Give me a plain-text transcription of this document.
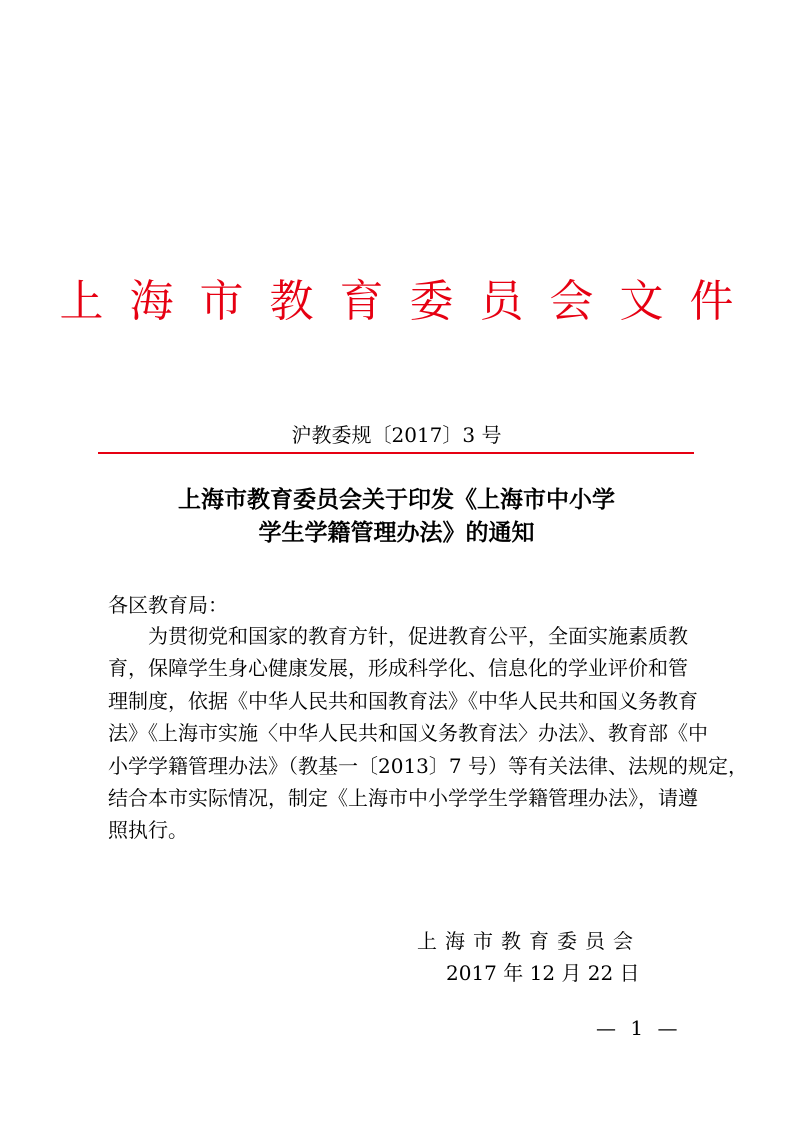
上海市教育委员会文件
沪教委规〔2017〕3 号
上海市教育委员会关于印发《上海市中小学
学生学籍管理办法》的通知
各区教育局：
　　为贯彻党和国家的教育方针，促进教育公平，全面实施素质教
育，保障学生身心健康发展，形成科学化、信息化的学业评价和管
理制度，依据《中华人民共和国教育法》《中华人民共和国义务教育
法》《上海市实施〈中华人民共和国义务教育法〉办法》、教育部《中
小学学籍管理办法》（教基一〔2013〕7 号）等有关法律、法规的规定，
结合本市实际情况，制定《上海市中小学学生学籍管理办法》，请遵
照执行。
上海市教育委员会
2017 年 12 月 22 日
— 1 —
